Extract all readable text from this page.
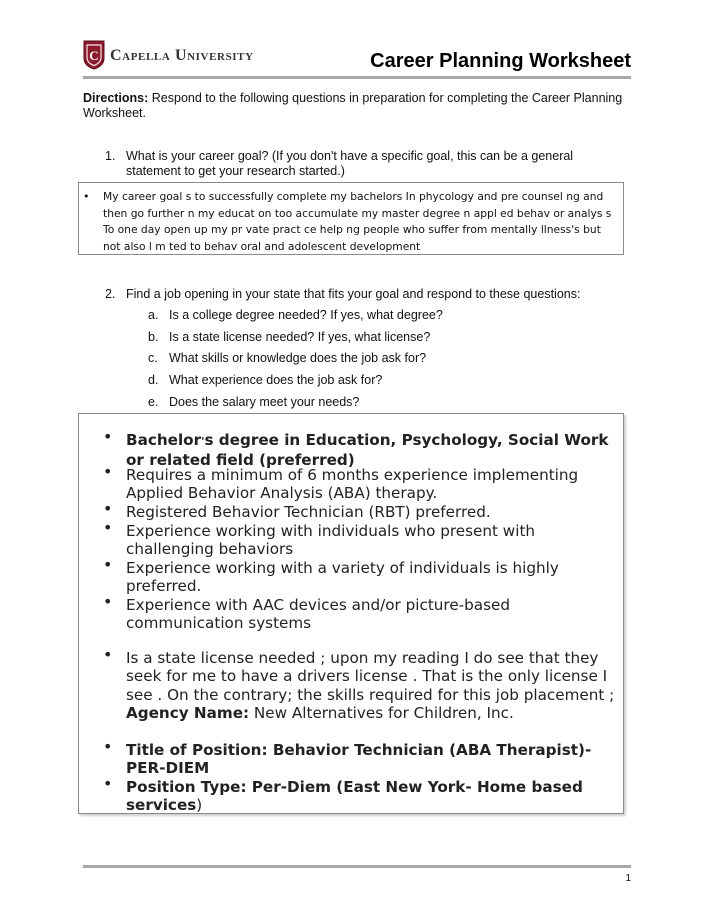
C Capella University	Career Planning Worksheet
Directions: Respond to the following questions in preparation for completing the Career Planning Worksheet.
1. What is your career goal? (If you don't have a specific goal, this can be a general statement to get your research started.)
• My career goal s to successfully complete my bachelors In phycology and pre counsel ng and then go further n my educat on too accumulate my master degree n appl ed behav or analys s To one day open up my pr vate pract ce help ng people who suffer from mentally llness's but not also l m ted to behav oral and adolescent development
2. Find a job opening in your state that fits your goal and respond to these questions:
a. Is a college degree needed? If yes, what degree?
b. Is a state license needed? If yes, what license?
c. What skills or knowledge does the job ask for?
d. What experience does the job ask for?
e. Does the salary meet your needs?
• Bachelor's degree in Education, Psychology, Social Work or related field (preferred)
• Requires a minimum of 6 months experience implementing Applied Behavior Analysis (ABA) therapy.
• Registered Behavior Technician (RBT) preferred.
• Experience working with individuals who present with challenging behaviors
• Experience working with a variety of individuals is highly preferred.
• Experience with AAC devices and/or picture-based communication systems
• Is a state license needed ; upon my reading I do see that they seek for me to have a drivers license . That is the only license I see . On the contrary; the skills required for this job placement ; Agency Name: New Alternatives for Children, Inc.
• Title of Position: Behavior Technician (ABA Therapist)-PER-DIEM
• Position Type: Per-Diem (East New York- Home based services)
1
